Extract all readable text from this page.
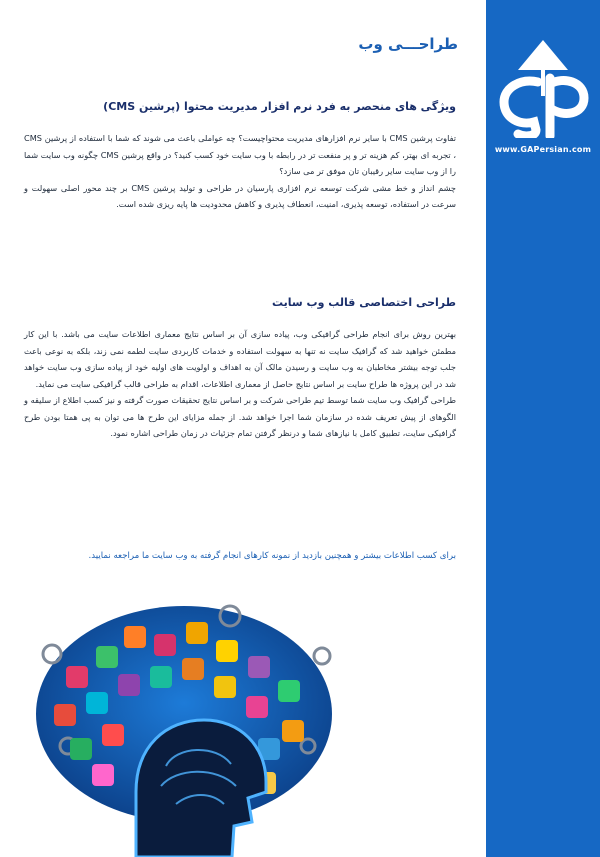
طراحـــی وب
ویژگی های منحصر به فرد نرم افزار مدیریت محتوا (پرشین CMS)

تفاوت پرشین CMS با سایر نرم افزارهای مدیریت محتواچیست؟ چه عواملی باعث می شوند که شما با استفاده از پرشین CMS ، تجربه ای بهتر، کم هزینه تر و پر منفعت تر در رابطه با وب سایت خود کسب کنید؟ در واقع پرشین CMS چگونه وب سایت شما را از وب سایت سایر رقیبان تان موفق تر می سازد؟

چشم انداز و خط مشی شرکت توسعه نرم افزاری پارسیان در طراحی و تولید پرشین CMS بر چند محور اصلی سهولت و سرعت در استفاده، توسعه پذیری، امنیت، انعطاف پذیری و کاهش محدودیت ها پایه ریزی شده است.

طراحی اختصاصی قالب وب سایت

بهترین روش برای انجام طراحی گرافیکی وب، پیاده سازی آن بر اساس نتایج معماری اطلاعات سایت می باشد. با این کار مطمئن خواهید شد که گرافیک سایت نه تنها به سهولت استفاده و خدمات کاربردی سایت لطمه نمی زند، بلکه به نوعی باعث جلب توجه بیشتر مخاطبان به وب سایت و رسیدن مالک آن به اهداف و اولویت های اولیه خود از پیاده سازی وب سایت خواهد شد در این پروژه ها طراح سایت بر اساس نتایج حاصل از معماری اطلاعات، اقدام به طراحی قالب گرافیکی سایت می نماید.

طراحی گرافیک وب سایت شما توسط تیم طراحی شرکت و بر اساس نتایج تحقیقات صورت گرفته و نیز کسب اطلاع از سلیقه و الگوهای از پیش تعریف شده در سازمان شما اجرا خواهد شد. از جمله مزایای این طرح ها می توان به پی همتا بودن طرح گرافیکی سایت، تطبیق کامل با نیازهای شما و درنظر گرفتن تمام جزئیات در زمان طراحی اشاره نمود.

برای کسب اطلاعات بیشتر و همچنین بازدید از نمونه کارهای انجام گرفته به وب سایت ما مراجعه نمایید.
www.GAPersian.com
